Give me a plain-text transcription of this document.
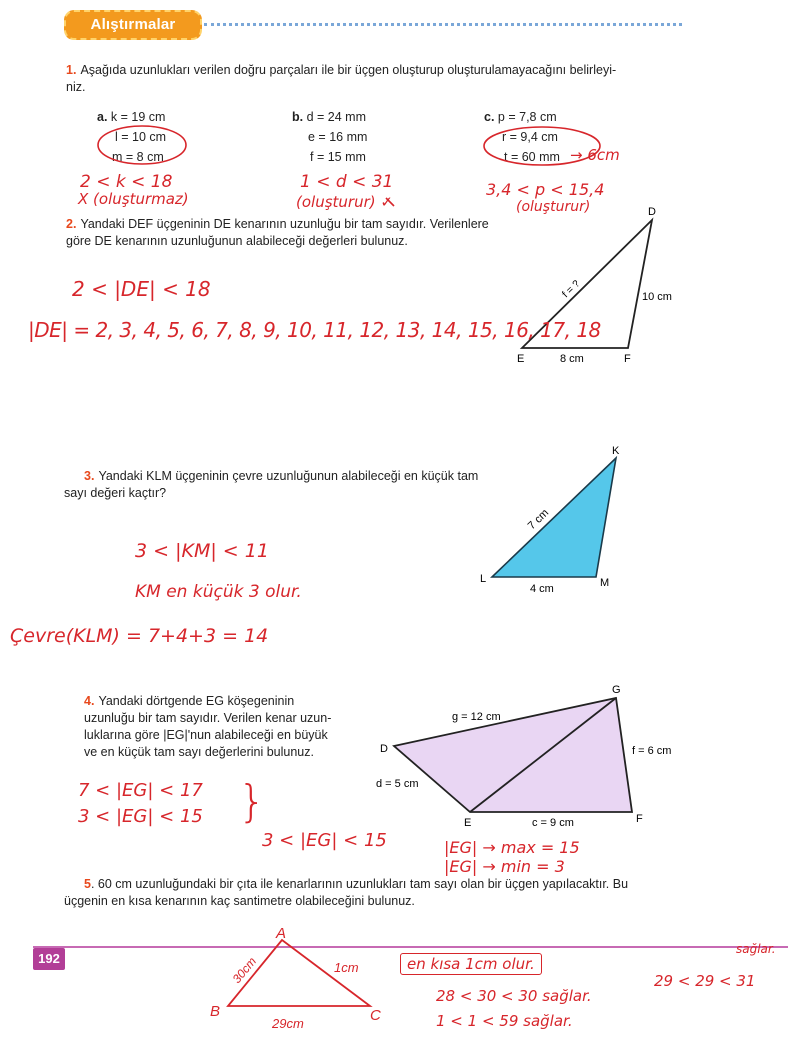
Alıştırmalar
1. Aşağıda uzunlukları verilen doğru parçaları ile bir üçgen oluşturup oluşturulamayacağını belirleyi-
niz.
a. k = 19 cm
l = 10 cm
m = 8 cm
b. d = 24 mm
e = 16 mm
f = 15 mm
c. p = 7,8 cm
r = 9,4 cm
t = 60 mm
2 < k < 18
X (oluşturmaz)
1 < d < 31
(oluşturur) ✓
→ 6cm
3,4 < p < 15,4
(oluşturur)
2. Yandaki DEF üçgeninin DE kenarının uzunluğu bir tam sayıdır. Verilenlere
göre DE kenarının uzunluğunun alabileceği değerleri bulunuz.
D
E	F
8 cm
10 cm
f = ?
2 < |DE| < 18
|DE| = 2, 3, 4, 5, 6, 7, 8, 9, 10, 11, 12, 13, 14, 15, 16, 17, 18
3. Yandaki KLM üçgeninin çevre uzunluğunun alabileceği en küçük tam
sayı değeri kaçtır?
K
L	M
4 cm
7 cm
3 < |KM| < 11
KM en küçük 3 olur.
Çevre(KLM) = 7+4+3 = 14
4. Yandaki dörtgende EG köşegeninin
uzunluğu bir tam sayıdır. Verilen kenar uzun-
luklarına göre |EG|'nun alabileceği en büyük
ve en küçük tam sayı değerlerini bulunuz.	D
G
E	F
g = 12 cm
f = 6 cm
d = 5 cm
c = 9 cm
7 < |EG| < 17
3 < |EG| < 15 }
3 < |EG| < 15	|EG| → max = 15
|EG| → min = 3
5. 60 cm uzunluğundaki bir çıta ile kenarlarının uzunlukları tam sayı olan bir üçgen yapılacaktır. Bu
üçgenin en kısa kenarının kaç santimetre olabileceğini bulunuz.
192
A
B	C
30cm	1cm
29cm
en kısa 1cm olur.
28 < 30 < 30 sağlar.
1 < 1 < 59 sağlar.
29 < 29 < 31
sağlar.
